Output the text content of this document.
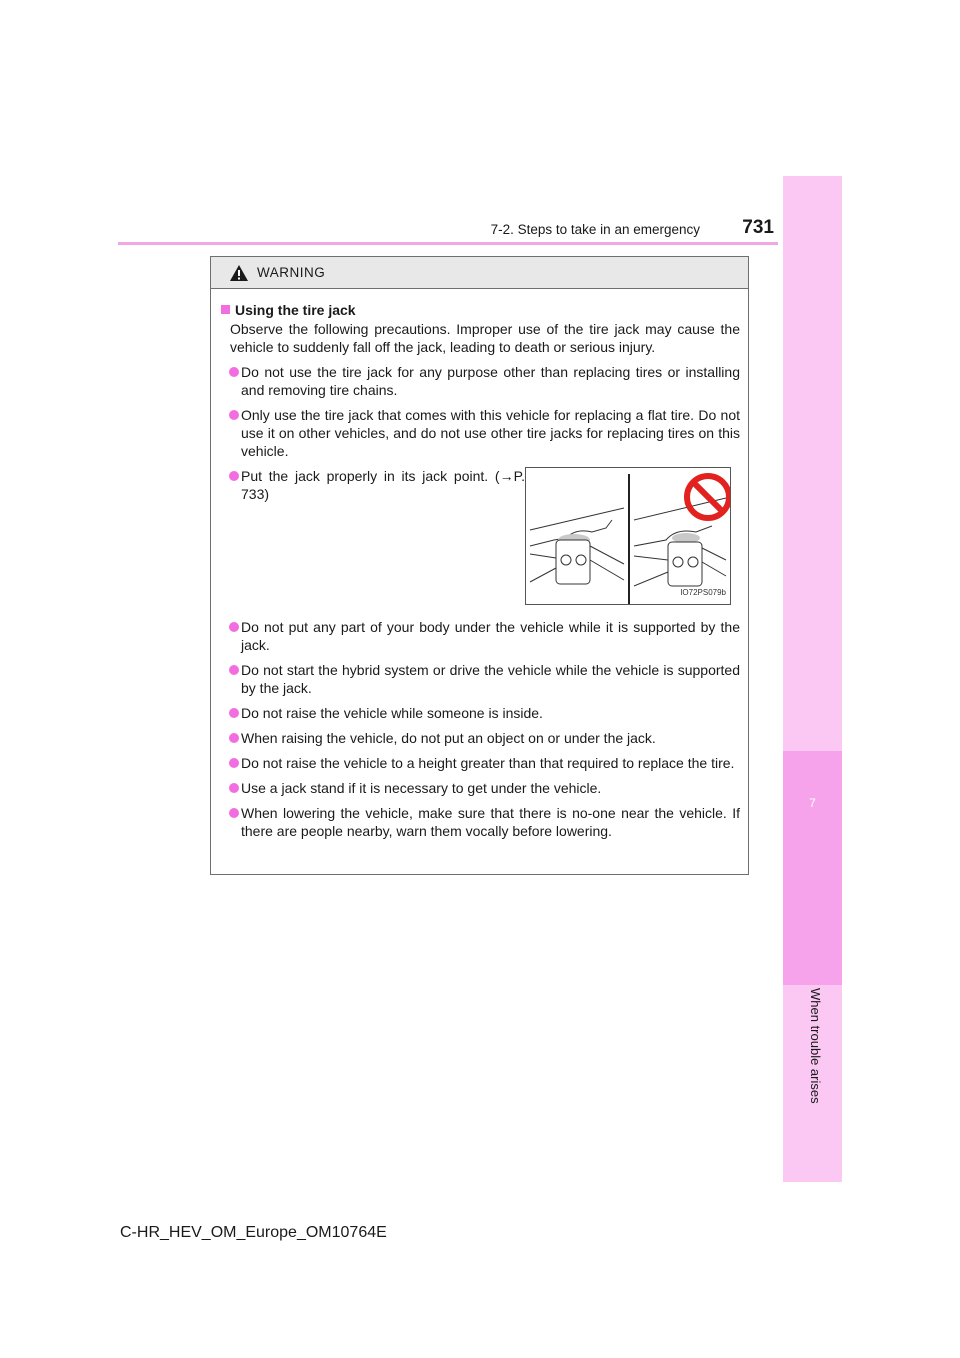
7-2. Steps to take in an emergency	731
7
When trouble arises
WARNING
Using the tire jack
Observe the following precautions. Improper use of the tire jack may cause the vehicle to suddenly fall off the jack, leading to death or serious injury.
Do not use the tire jack for any purpose other than replacing tires or installing and removing tire chains.
Only use the tire jack that comes with this vehicle for replacing a flat tire. Do not use it on other vehicles, and do not use other tire jacks for replacing tires on this vehicle.
Put the jack properly in its jack point. (→P. 733)
IO72PS079b
Do not put any part of your body under the vehicle while it is supported by the jack.
Do not start the hybrid system or drive the vehicle while the vehicle is supported by the jack.
Do not raise the vehicle while someone is inside.
When raising the vehicle, do not put an object on or under the jack.
Do not raise the vehicle to a height greater than that required to replace the tire.
Use a jack stand if it is necessary to get under the vehicle.
When lowering the vehicle, make sure that there is no-one near the vehicle. If there are people nearby, warn them vocally before lowering.
C-HR_HEV_OM_Europe_OM10764E
